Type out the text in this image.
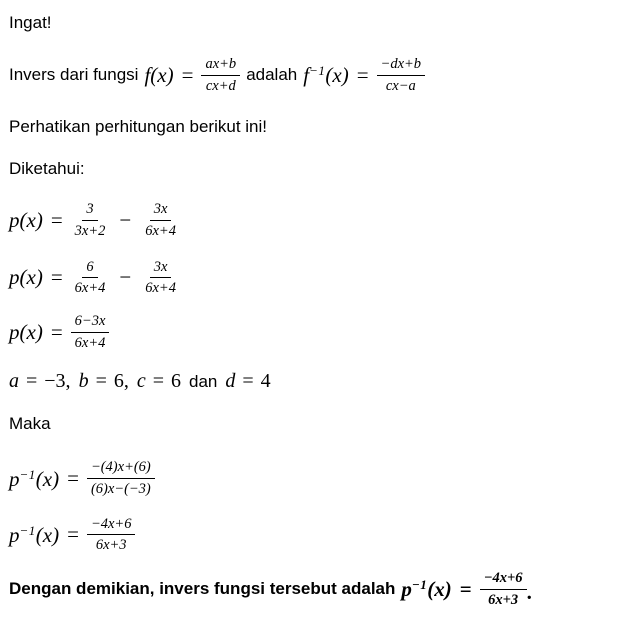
Ingat!
Invers dari fungsi $f(x) = \frac{ax+b}{cx+d}$ adalah $f^{-1}(x) = \frac{-dx+b}{cx-a}$
Perhatikan perhitungan berikut ini!
Diketahui:
$p(x) = \frac{3}{3x+2} - \frac{3x}{6x+4}$
$p(x) = \frac{6}{6x+4} - \frac{3x}{6x+4}$
$p(x) = \frac{6-3x}{6x+4}$
a = −3, b = 6, c = 6 dan d = 4
Maka
$p^{-1}(x) = \frac{-(4)x+(6)}{(6)x-(-3)}$
$p^{-1}(x) = \frac{-4x+6}{6x+3}$
Dengan demikian, invers fungsi tersebut adalah $p^{-1}(x) = \frac{-4x+6}{6x+3}$ .
